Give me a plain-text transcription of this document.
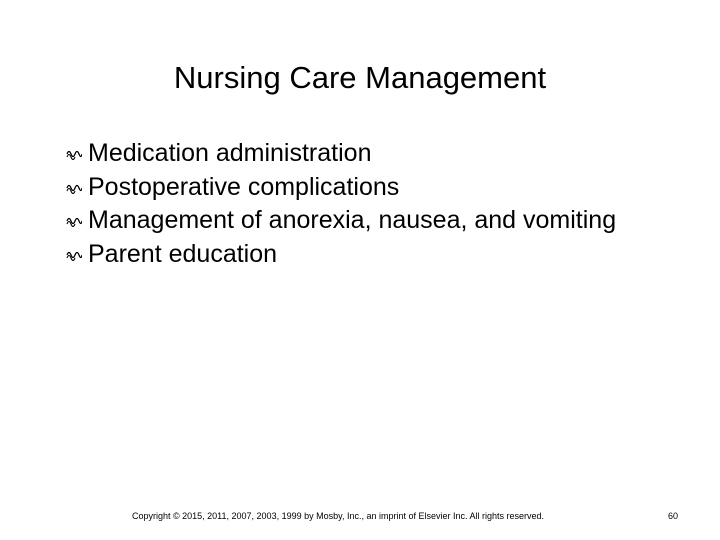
Nursing Care Management
Medication administration
Postoperative complications
Management of anorexia, nausea, and vomiting
Parent education
Copyright © 2015, 2011, 2007, 2003, 1999 by Mosby, Inc., an imprint of Elsevier Inc. All rights reserved.	60
